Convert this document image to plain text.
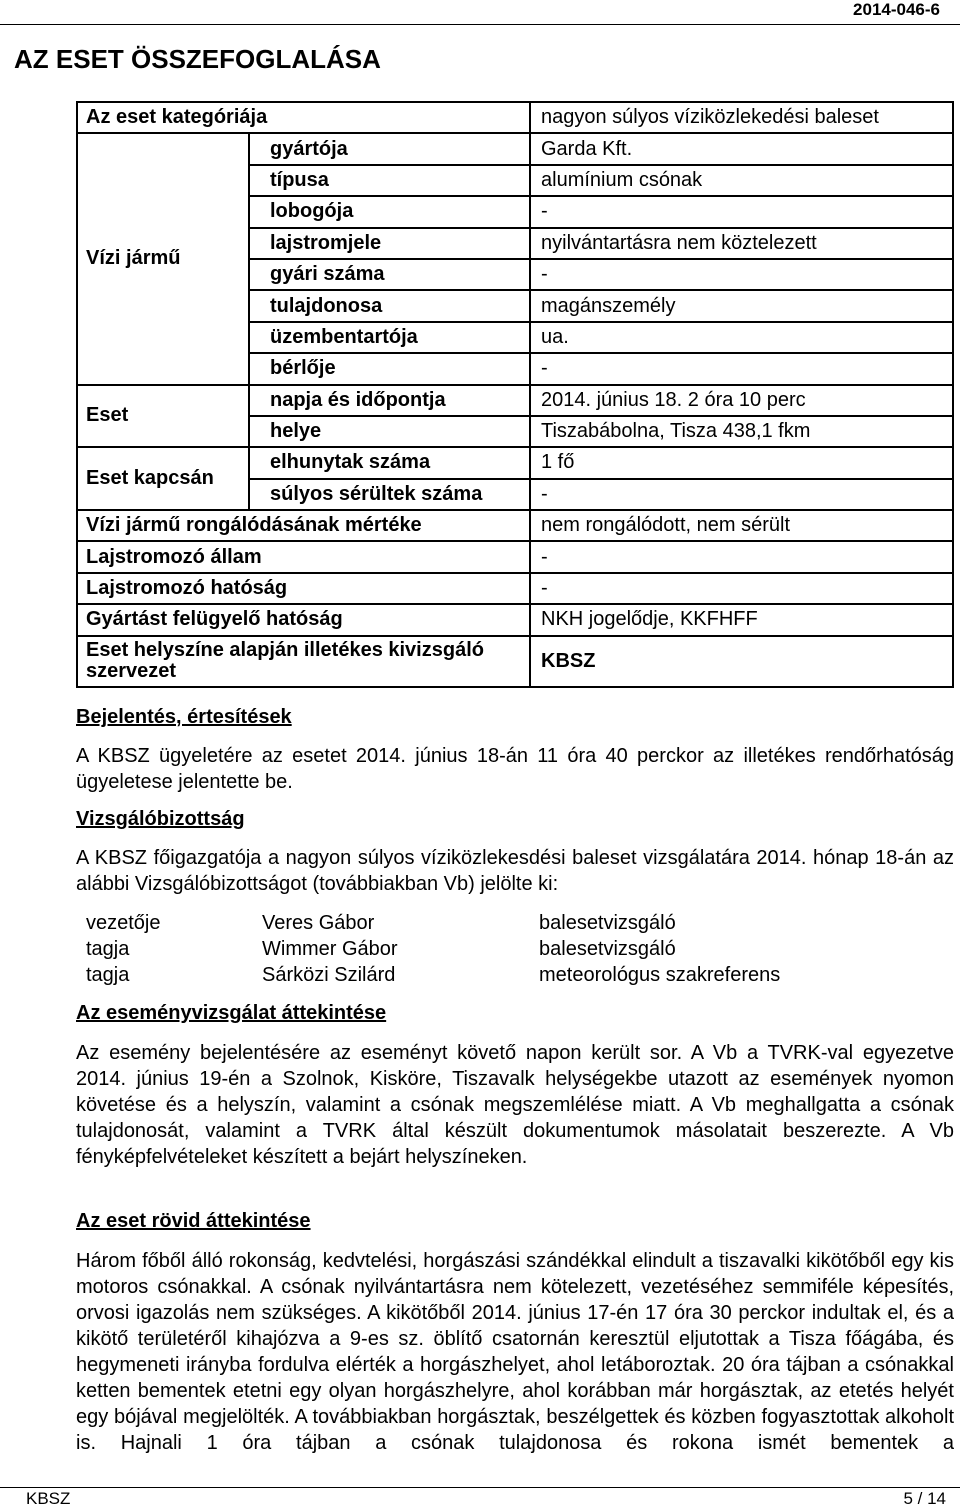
2014-046-6
AZ ESET ÖSSZEFOGLALÁSA
Az eset kategóriája		nagyon súlyos víziközlekedési baleset
Vízi jármű	gyártója	Garda Kft.
	típusa	alumínium csónak
	lobogója	-
	lajstromjele	nyilvántartásra nem köztelezett
	gyári száma	-
	tulajdonosa	magánszemély
	üzembentartója	ua.
	bérlője	-
Eset	napja és időpontja	2014. június 18. 2 óra 10 perc
	helye	Tiszabábolna, Tisza 438,1 fkm
Eset kapcsán	elhunytak száma	1 fő
	súlyos sérültek száma	-
Vízi jármű rongálódásának mértéke		nem rongálódott, nem sérült
Lajstromozó állam		-
Lajstromozó hatóság		-
Gyártást felügyelő hatóság		NKH jogelődje, KKFHFF
Eset helyszíne alapján illetékes kivizsgáló szervezet		KBSZ
Bejelentés, értesítések
A KBSZ ügyeletére az esetet 2014. június 18-án 11 óra 40 perckor az illetékes rendőrhatóság ügyeletese jelentette be.
Vizsgálóbizottság
A KBSZ főigazgatója a nagyon súlyos víziközlekesdési baleset vizsgálatára 2014. hónap 18-án az alábbi Vizsgálóbizottságot (továbbiakban Vb) jelölte ki:
vezetője	Veres Gábor	balesetvizsgáló
tagja	Wimmer Gábor	balesetvizsgáló
tagja	Sárközi Szilárd	meteorológus szakreferens
Az eseményvizsgálat áttekintése
Az esemény bejelentésére az eseményt követő napon került sor. A Vb a TVRK-val egyezetve 2014. június 19-én a Szolnok, Kisköre, Tiszavalk helységekbe utazott az események nyomon követése és a helyszín, valamint a csónak megszemlélése miatt. A Vb meghallgatta a csónak tulajdonosát, valamint a TVRK által készült dokumentumok másolatait beszerezte. A Vb fényképfelvételeket készített a bejárt helyszíneken.
Az eset rövid áttekintése
Három főből álló rokonság, kedvtelési, horgászási szándékkal elindult a tiszavalki kikötőből egy kis motoros csónakkal. A csónak nyilvántartásra nem kötelezett, vezetéséhez semmiféle képesítés, orvosi igazolás nem szükséges. A kikötőből 2014. június 17-én 17 óra 30 perckor indultak el, és a kikötő területéről kihajózva a 9-es sz. öblítő csatornán keresztül eljutottak a Tisza főágába, és hegymeneti irányba fordulva elérték a horgászhelyet, ahol letáboroztak. 20 óra tájban a csónakkal ketten bementek etetni egy olyan horgászhelyre, ahol korábban már horgásztak, az etetés helyét egy bójával megjelölték. A továbbiakban horgásztak, beszélgettek és közben fogyasztottak alkoholt is. Hajnali 1 óra tájban a csónak tulajdonosa és rokona ismét bementek a
KBSZ	5 / 14
